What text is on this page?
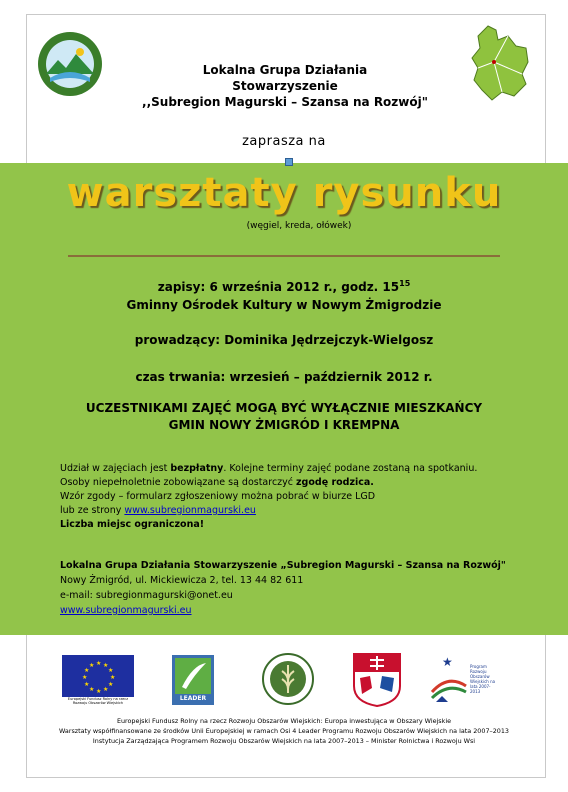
Lokalna Grupa Działania
Stowarzyszenie
,,Subregion Magurski – Szansa na Rozwój"
zaprasza na
warsztaty rysunku
(węgiel, kreda, ołówek)
zapisy: 6 września 2012 r., godz. $15^{15}$
Gminny Ośrodek Kultury w Nowym Żmigrodzie
prowadzący: Dominika Jędrzejczyk-Wielgosz
czas trwania: wrzesień – październik 2012 r.
UCZESTNIKAMI ZAJĘĆ MOGĄ BYĆ WYŁĄCZNIE MIESZKAŃCY
GMIN NOWY ŻMIGRÓD I KREMPNA
Udział w zajęciach jest bezpłatny. Kolejne terminy zajęć podane zostaną na spotkaniu.
Osoby niepełnoletnie zobowiązane są dostarczyć zgodę rodzica.
Wzór zgody – formularz zgłoszeniowy można pobrać w biurze LGD
lub ze strony www.subregionmagurski.eu
Liczba miejsc ograniczona!
Lokalna Grupa Działania Stowarzyszenie „Subregion Magurski – Szansa na Rozwój"
Nowy Żmigród, ul. Mickiewicza 2, tel. 13 44 82 611
e-mail: subregionmagurski@onet.eu
www.subregionmagurski.eu
★ ★
★
★
★
★
★
★
★
★
★
★
Europejski Fundusz Rolny na rzecz Rozwoju Obszarów Wiejskich
LEADER
★	Program Rozwoju Obszarów Wiejskich na lata 2007-2013
Europejski Fundusz Rolny na rzecz Rozwoju Obszarów Wiejskich: Europa inwestująca w Obszary Wiejskie
Warsztaty współfinansowane ze środków Unii Europejskiej w ramach Osi 4 Leader Programu Rozwoju Obszarów Wiejskich na lata 2007–2013
Instytucja Zarządzająca Programem Rozwoju Obszarów Wiejskich na lata 2007–2013 – Minister Rolnictwa i Rozwoju Wsi
